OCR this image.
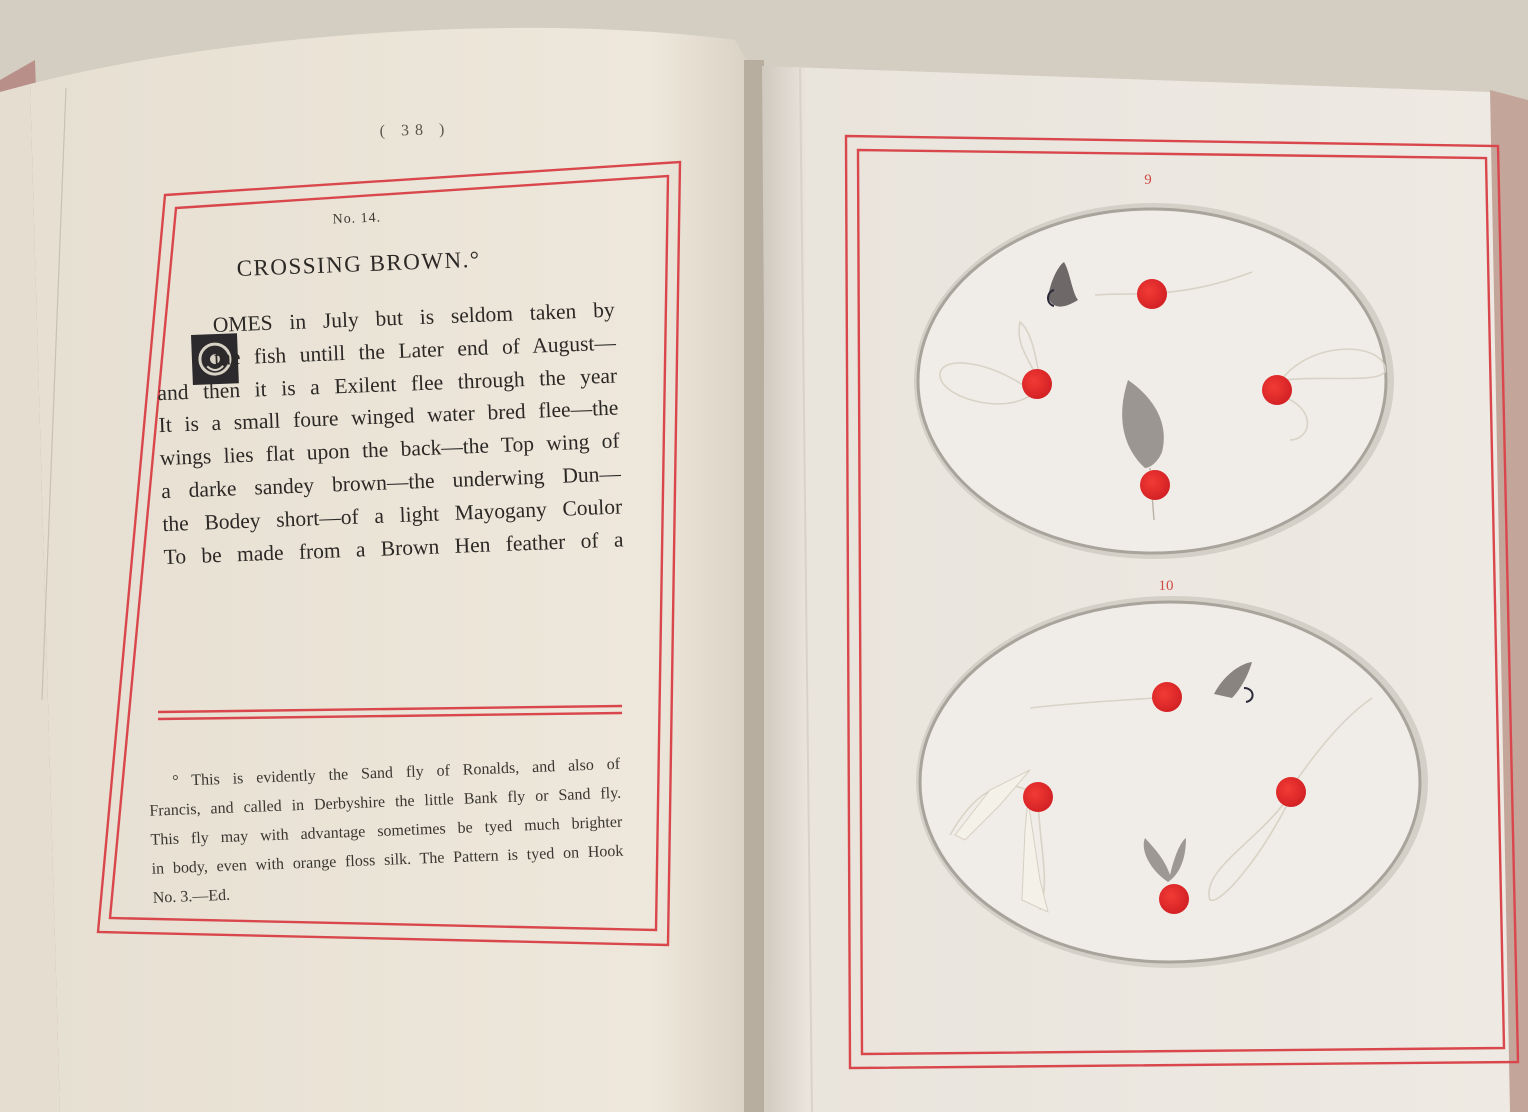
( 38 )
No. 14.
CROSSING BROWN.°
OMES in July but is seldom taken by
the fish untill the Later end of August—
and then it is a Exilent flee through the year
It is a small foure winged water bred flee—the
wings lies flat upon the back—the Top wing of
a darke sandey brown—the underwing Dun—
the Bodey short—of a light Mayogany Coulor
To be made from a Brown Hen feather of a
° This is evidently the Sand fly of Ronalds, and also of
Francis, and called in Derbyshire the little Bank fly or Sand fly.
This fly may with advantage sometimes be tyed much brighter
in body, even with orange floss silk. The Pattern is tyed on Hook
No. 3.—Ed.
9
10
